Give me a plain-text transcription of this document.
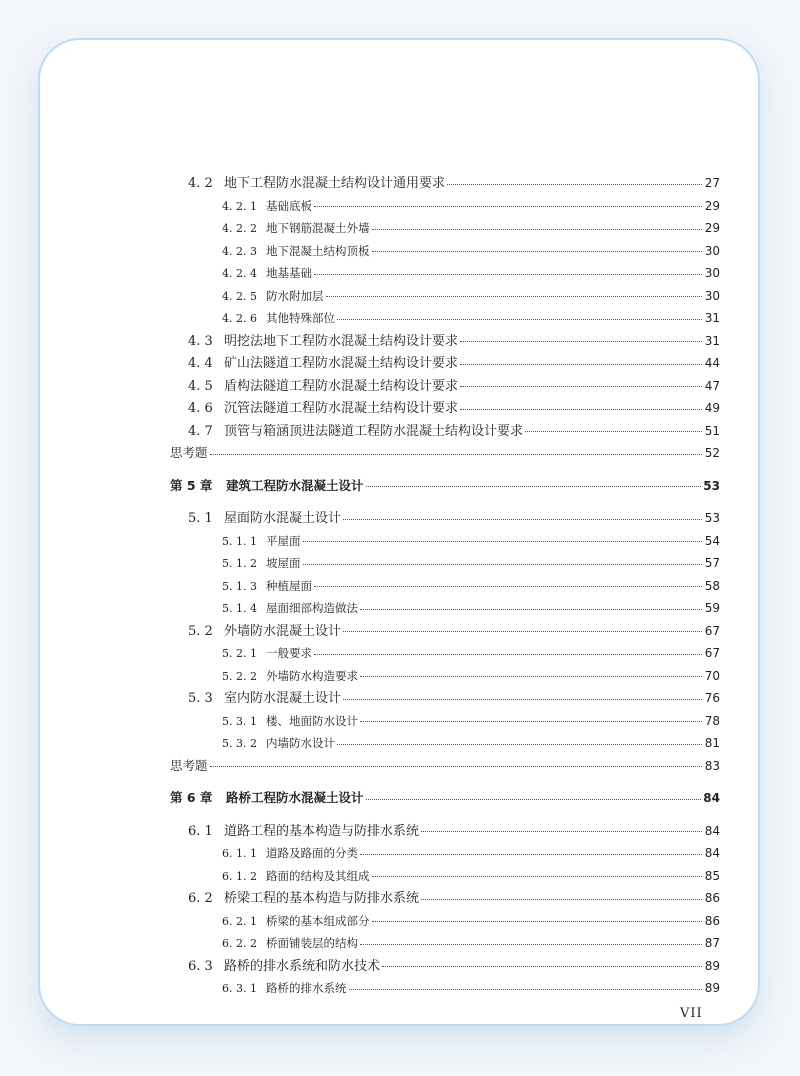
4. 2 地下工程防水混凝土结构设计通用要求	27
4. 2. 1 基础底板	29
4. 2. 2 地下钢筋混凝土外墙	29
4. 2. 3 地下混凝土结构顶板	30
4. 2. 4 地基基础	30
4. 2. 5 防水附加层	30
4. 2. 6 其他特殊部位	31
4. 3 明挖法地下工程防水混凝土结构设计要求	31
4. 4 矿山法隧道工程防水混凝土结构设计要求	44
4. 5 盾构法隧道工程防水混凝土结构设计要求	47
4. 6 沉管法隧道工程防水混凝土结构设计要求	49
4. 7 顶管与箱涵顶进法隧道工程防水混凝土结构设计要求	51
思考题	52
第 5 章	建筑工程防水混凝土设计	53
5. 1 屋面防水混凝土设计	53
5. 1. 1 平屋面	54
5. 1. 2 坡屋面	57
5. 1. 3 种植屋面	58
5. 1. 4 屋面细部构造做法	59
5. 2 外墙防水混凝土设计	67
5. 2. 1 一般要求	67
5. 2. 2 外墙防水构造要求	70
5. 3 室内防水混凝土设计	76
5. 3. 1 楼、地面防水设计	78
5. 3. 2 内墙防水设计	81
思考题	83
第 6 章	路桥工程防水混凝土设计	84
6. 1 道路工程的基本构造与防排水系统	84
6. 1. 1 道路及路面的分类	84
6. 1. 2 路面的结构及其组成	85
6. 2 桥梁工程的基本构造与防排水系统	86
6. 2. 1 桥梁的基本组成部分	86
6. 2. 2 桥面铺装层的结构	87
6. 3 路桥的排水系统和防水技术	89
6. 3. 1 路桥的排水系统	89
VII
